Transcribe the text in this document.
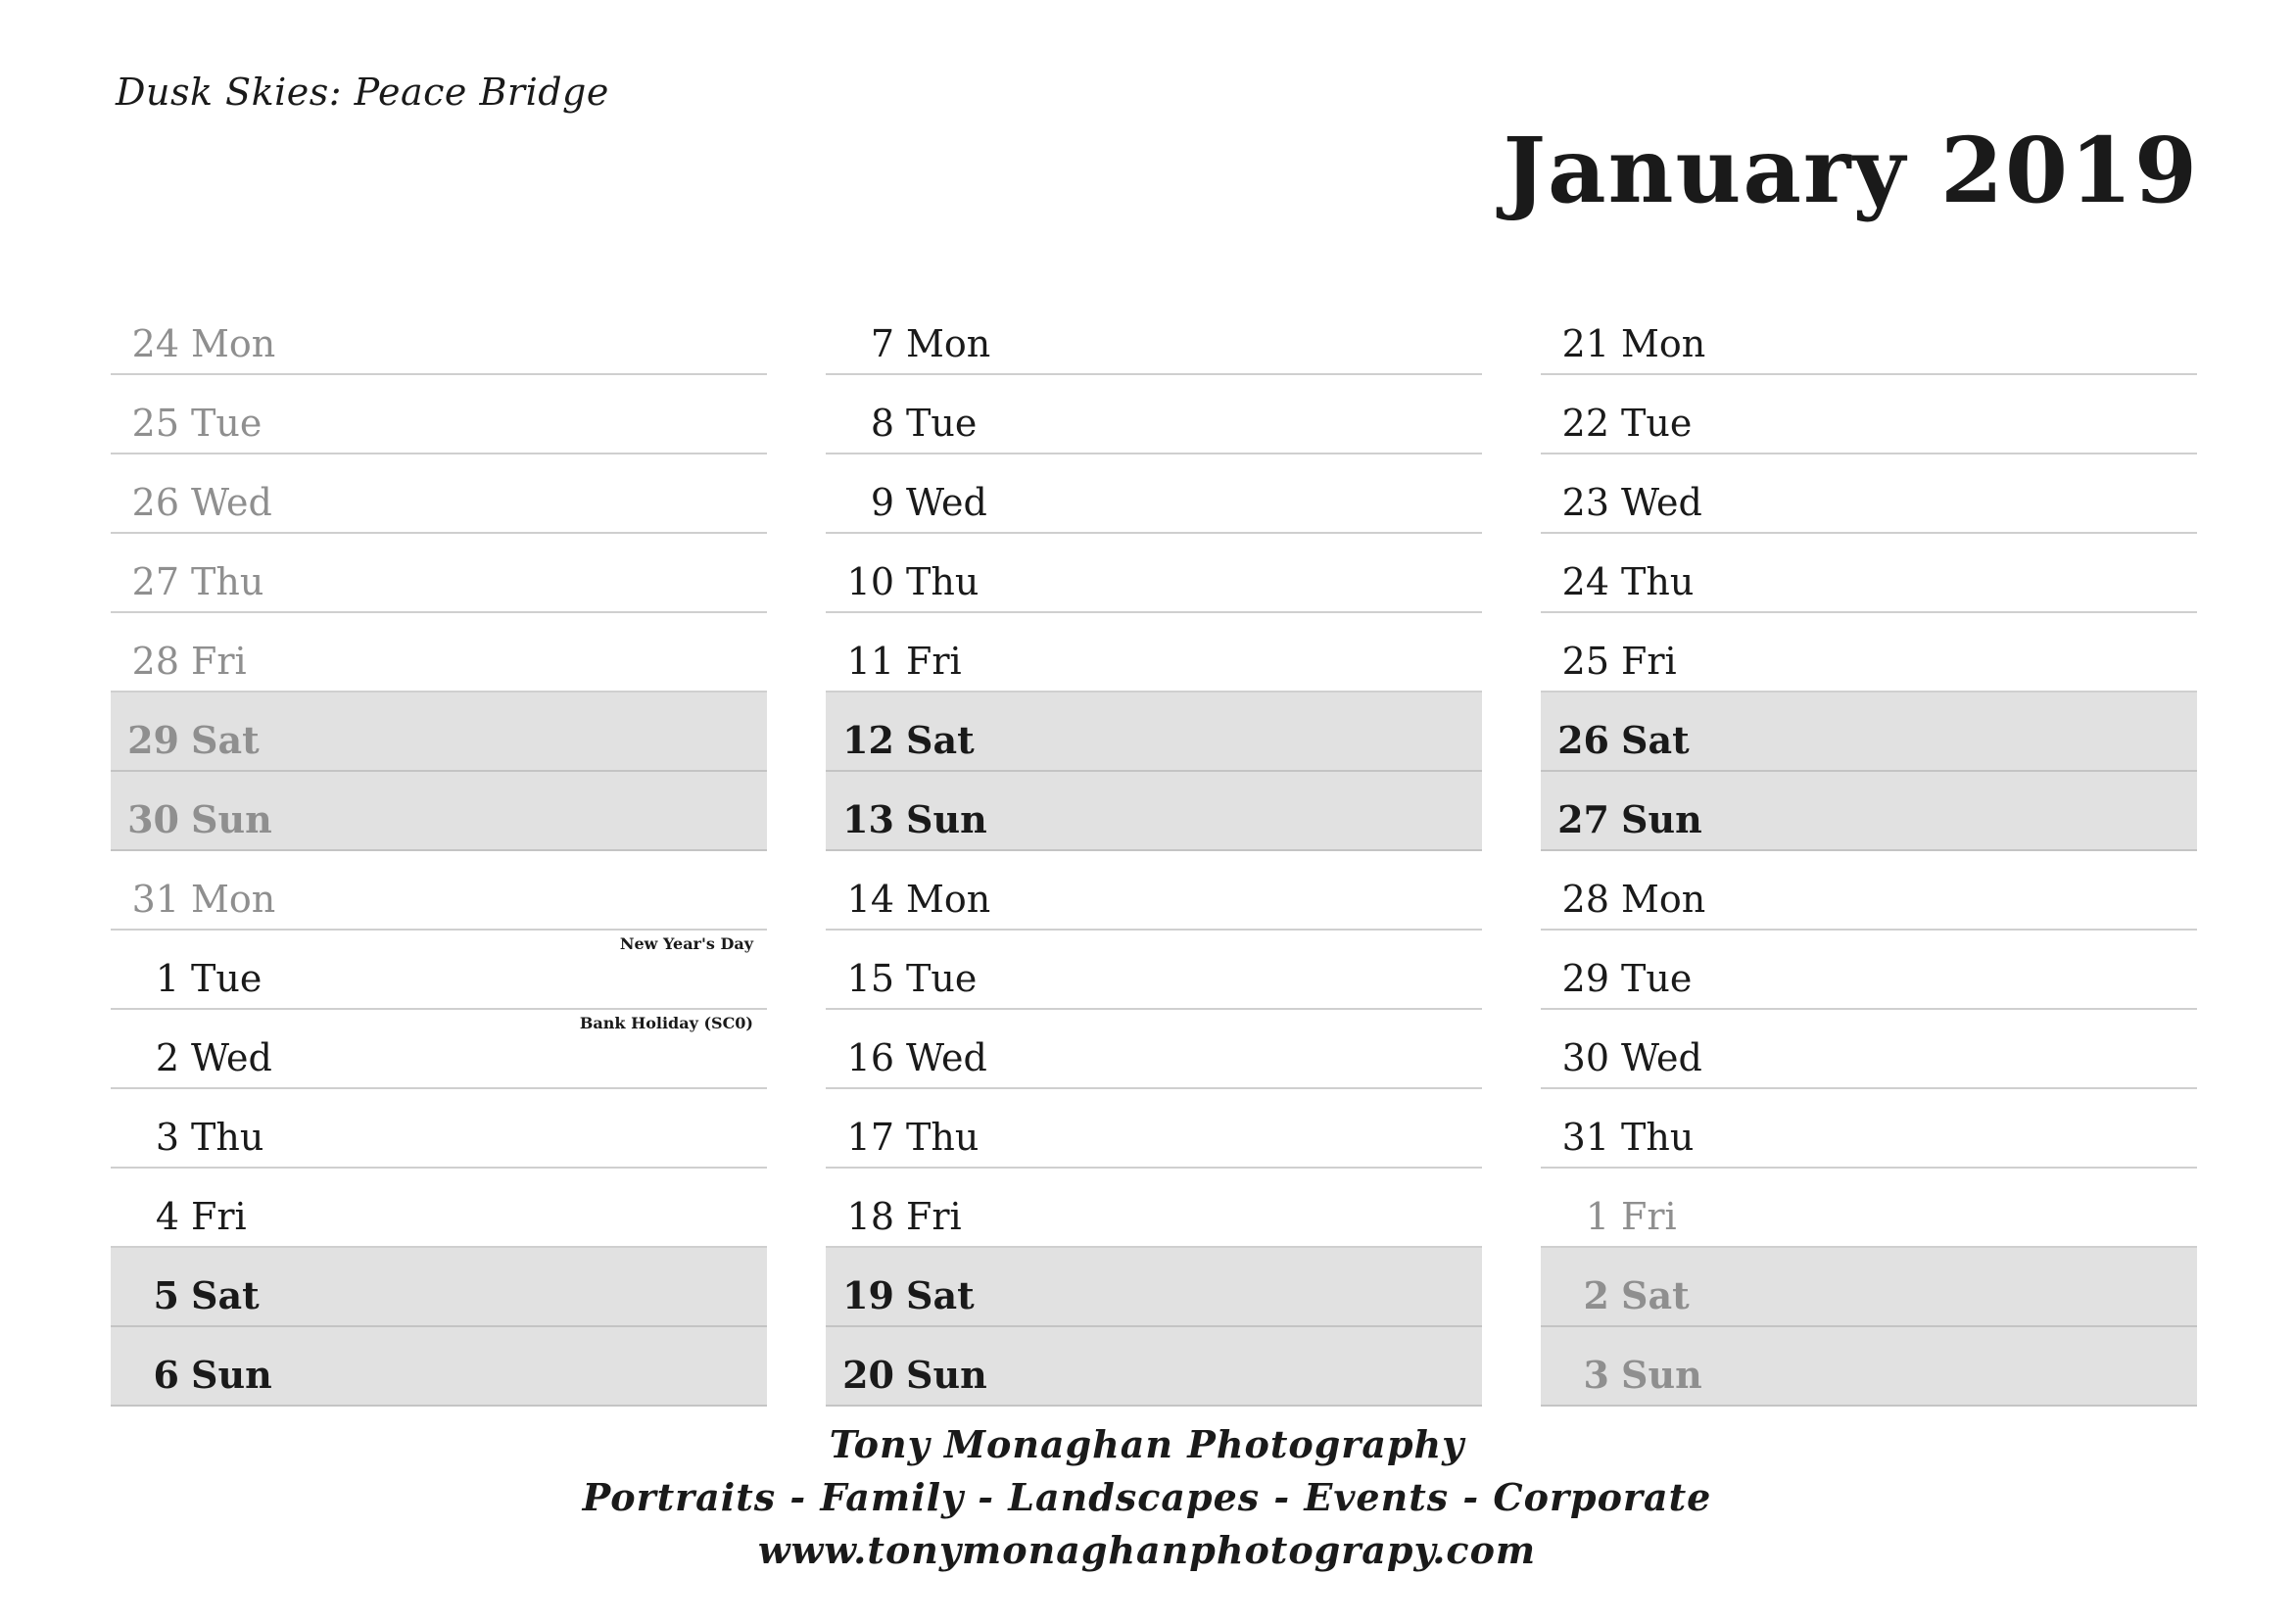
Dusk Skies: Peace Bridge
January 2019
24 Mon
25 Tue
26 Wed
27 Thu
28 Fri
29 Sat
30 Sun
31 Mon
1 Tue
New Year's Day
2 Wed
Bank Holiday (SC0)
3 Thu
4 Fri
5 Sat
6 Sun
7 Mon
8 Tue
9 Wed
10 Thu
11 Fri
12 Sat
13 Sun
14 Mon
15 Tue
16 Wed
17 Thu
18 Fri
19 Sat
20 Sun
21 Mon
22 Tue
23 Wed
24 Thu
25 Fri
26 Sat
27 Sun
28 Mon
29 Tue
30 Wed
31 Thu
1 Fri
2 Sat
3 Sun
Tony Monaghan Photography
Portraits - Family - Landscapes - Events - Corporate
www.tonymonaghanphotograpy.com
